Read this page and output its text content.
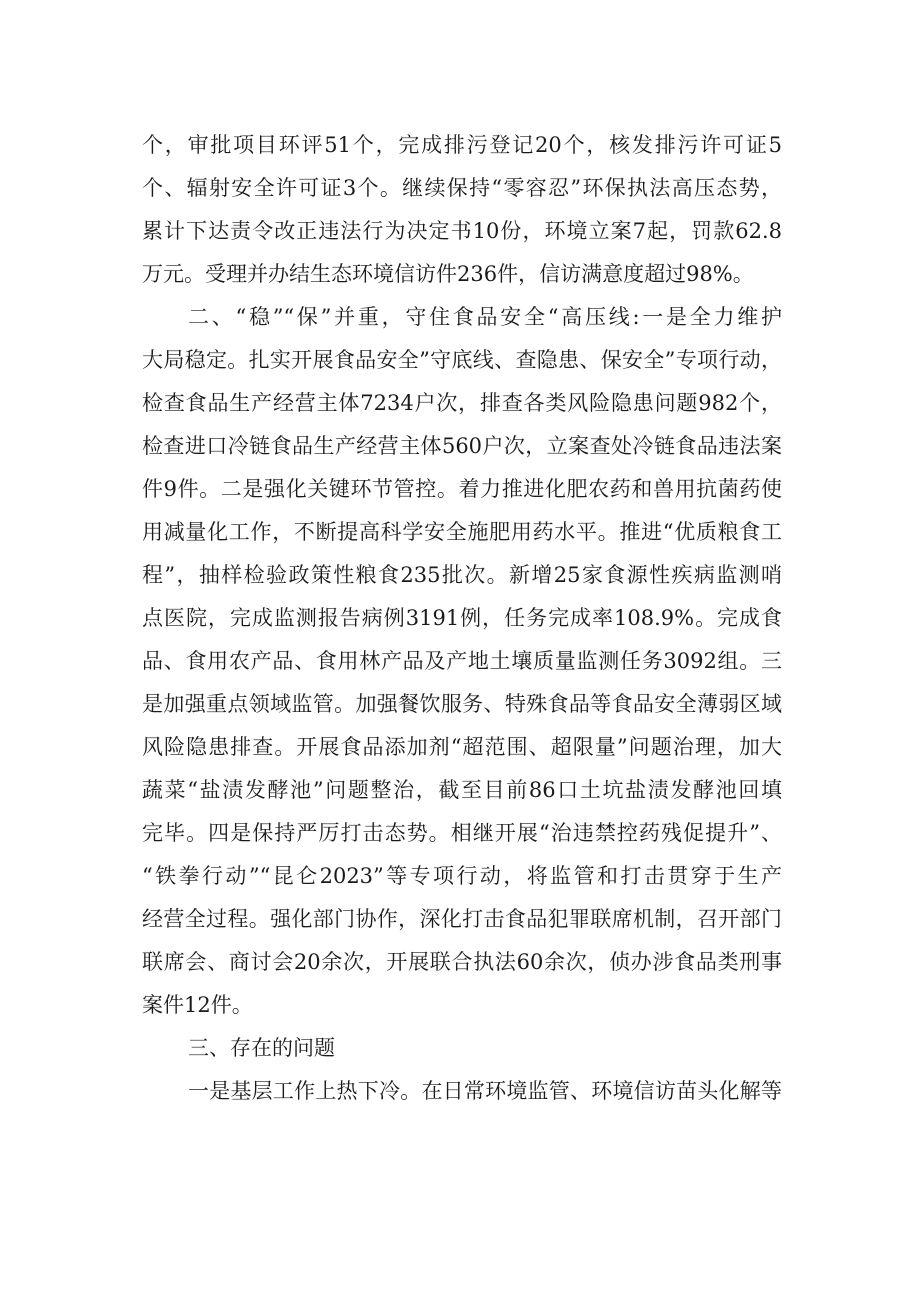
个，审批项目环评51个，完成排污登记20个，核发排污许可证5
个、辐射安全许可证3个。继续保持“零容忍”环保执法高压态势，
累计下达责令改正违法行为决定书10份，环境立案7起，罚款62.8
万元。受理并办结生态环境信访件236件，信访满意度超过98%。
二、“稳”“保”并重，守住食品安全“高压线:一是全力维护
大局稳定。扎实开展食品安全”守底线、查隐患、保安全”专项行动，
检查食品生产经营主体7234户次，排查各类风险隐患问题982个，
检查进口冷链食品生产经营主体560户次，立案查处冷链食品违法案
件9件。二是强化关键环节管控。着力推进化肥农药和兽用抗菌药使
用减量化工作，不断提高科学安全施肥用药水平。推进“优质粮食工
程”，抽样检验政策性粮食235批次。新增25家食源性疾病监测哨
点医院，完成监测报告病例3191例，任务完成率108.9%。完成食
品、食用农产品、食用林产品及产地土壤质量监测任务3092组。三
是加强重点领域监管。加强餐饮服务、特殊食品等食品安全薄弱区域
风险隐患排查。开展食品添加剂“超范围、超限量”问题治理，加大
蔬菜“盐渍发酵池”问题整治，截至目前86口土坑盐渍发酵池回填
完毕。四是保持严厉打击态势。相继开展“治违禁控药残促提升”、
“铁拳行动”“昆仑2023”等专项行动，将监管和打击贯穿于生产
经营全过程。强化部门协作，深化打击食品犯罪联席机制，召开部门
联席会、商讨会20余次，开展联合执法60余次，侦办涉食品类刑事
案件12件。
三、存在的问题
一是基层工作上热下冷。在日常环境监管、环境信访苗头化解等
